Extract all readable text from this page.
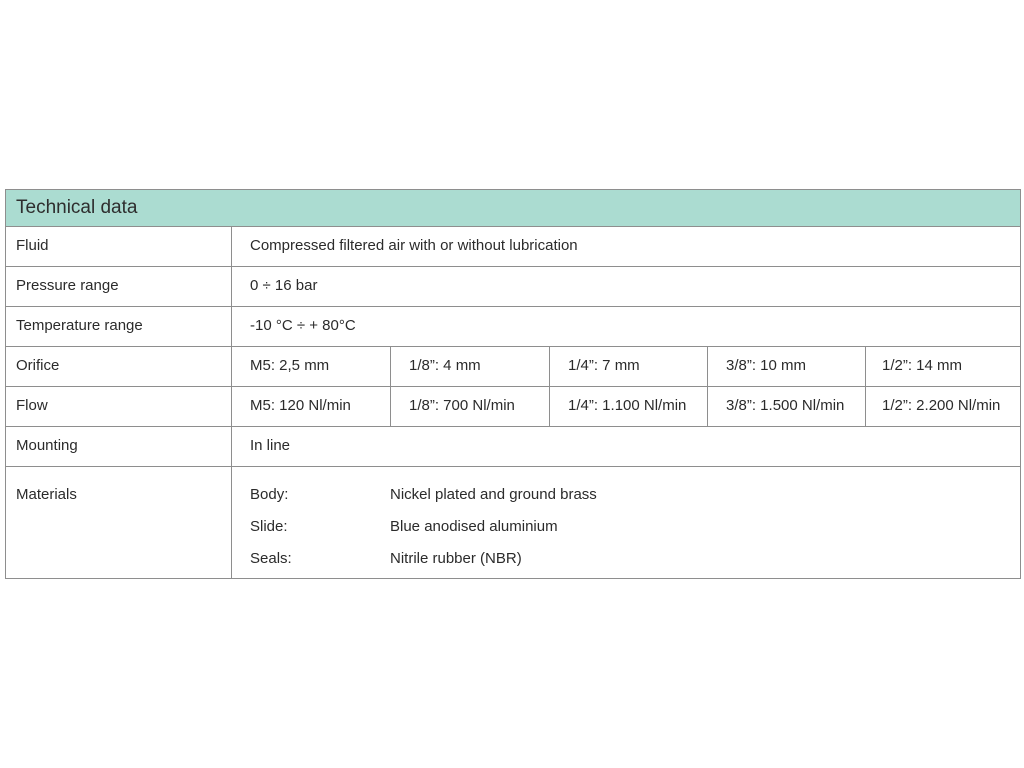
Technical data
Fluid	Compressed filtered air with or without lubrication
Pressure range	0 ÷ 16 bar
Temperature range	-10 °C ÷ + 80°C
Orifice	M5: 2,5 mm	1/8”: 4 mm	1/4”: 7 mm	3/8”: 10 mm	1/2”: 14 mm
Flow	M5: 120 Nl/min	1/8”: 700 Nl/min	1/4”: 1.100 Nl/min	3/8”: 1.500 Nl/min	1/2”: 2.200 Nl/min
Mounting	In line
Materials	Body:	Nickel plated and ground brass
Slide:	Blue anodised aluminium
Seals:	Nitrile rubber (NBR)
